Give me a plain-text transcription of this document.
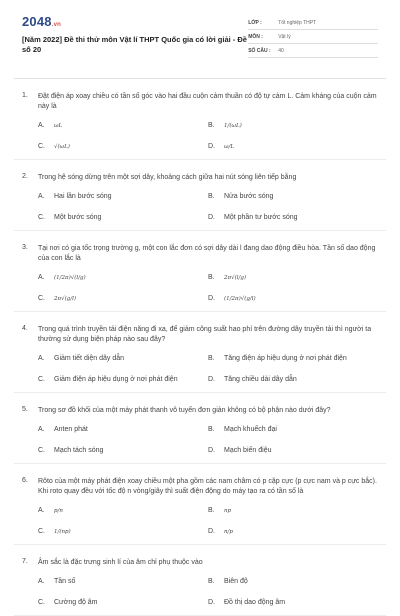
2048.vn
[Năm 2022] Đề thi thử môn Vật lí THPT Quốc gia có lời giải - Đề số 20
LỚP :	Tốt nghiệp THPT
MÔN :	Vật lý
SỐ CÂU :	40
1.	Đặt điện áp xoay chiều có tần số góc vào hai đầu cuộn cảm thuần có độ tự cảm L. Cảm kháng của cuộn cảm này là
A.	ωL	B.	1/(ωL)
C.	√(ωL)	D.	ω/L
2.	Trong hệ sóng dừng trên một sợi dây, khoảng cách giữa hai nút sóng liên tiếp bằng
A.	Hai lần bước sóng	B.	Nửa bước sóng
C.	Một bước sóng	D.	Một phần tư bước sóng
3.	Tại nơi có gia tốc trọng trường g, một con lắc đơn có sợi dây dài l đang dao động điều hòa. Tần số dao động của con lắc là
A.	(1/2π)√(l/g)	B.	2π√(l/g)
C.	2π√(g/l)	D.	(1/2π)√(g/l)
4.	Trong quá trình truyền tải điện năng đi xa, để giảm công suất hao phí trên đường dây truyền tải thì người ta thường sử dụng biện pháp nào sau đây?
A.	Giảm tiết diện dây dẫn	B.	Tăng điện áp hiệu dụng ở nơi phát điện
C.	Giảm điện áp hiệu dụng ở nơi phát điện	D.	Tăng chiều dài dây dẫn
5.	Trong sơ đồ khối của một máy phát thanh vô tuyến đơn giản không có bộ phận nào dưới đây?
A.	Anten phát	B.	Mạch khuếch đại
C.	Mạch tách sóng	D.	Mạch biến điệu
6.	Rôto của một máy phát điện xoay chiều một pha gồm các nam châm có p cặp cực (p cực nam và p cực bắc). Khi roto quay đều với tốc độ n vòng/giây thì suất điện động do máy tạo ra có tần số là
A.	p/n	B.	np
C.	1/(np)	D.	n/p
7.	Âm sắc là đặc trưng sinh lí của âm chỉ phụ thuộc vào
A.	Tần số	B.	Biên độ
C.	Cường độ âm	D.	Đồ thị dao động âm
